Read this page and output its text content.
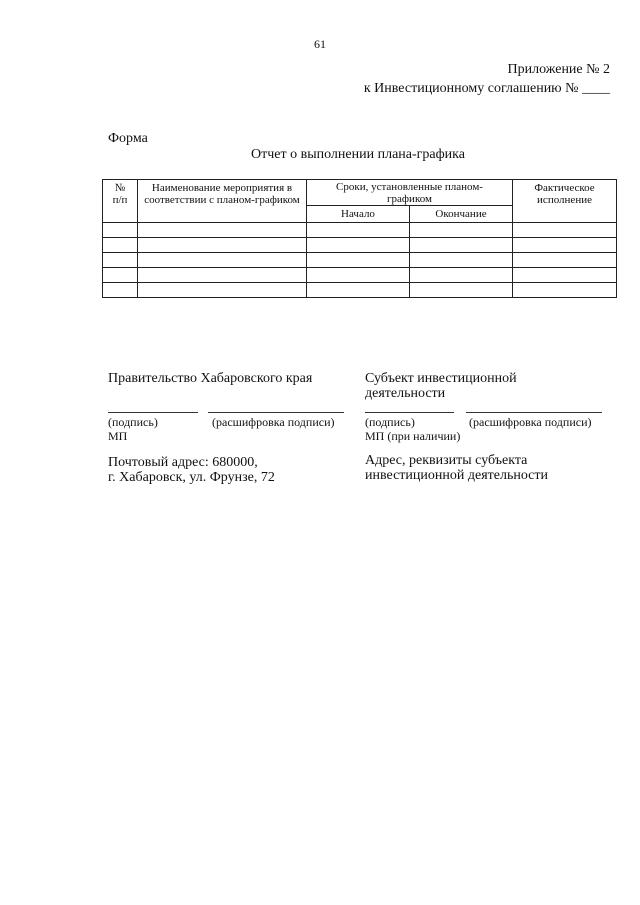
61
Приложение № 2
к Инвестиционному соглашению № ____
Форма
Отчет о выполнении плана-графика
№
п/п	Наименование мероприятия в соответствии с планом-графиком	Сроки, установленные планом-графиком		Фактическое исполнение

		Начало	Окончание	

Правительство Хабаровского края
(подпись)	(расшифровка подписи)
МП
Почтовый адрес: 680000,
г. Хабаровск, ул. Фрунзе, 72
Субъект инвестиционной
деятельности
(подпись)	(расшифровка подписи)
МП (при наличии)
Адрес, реквизиты субъекта
инвестиционной деятельности
